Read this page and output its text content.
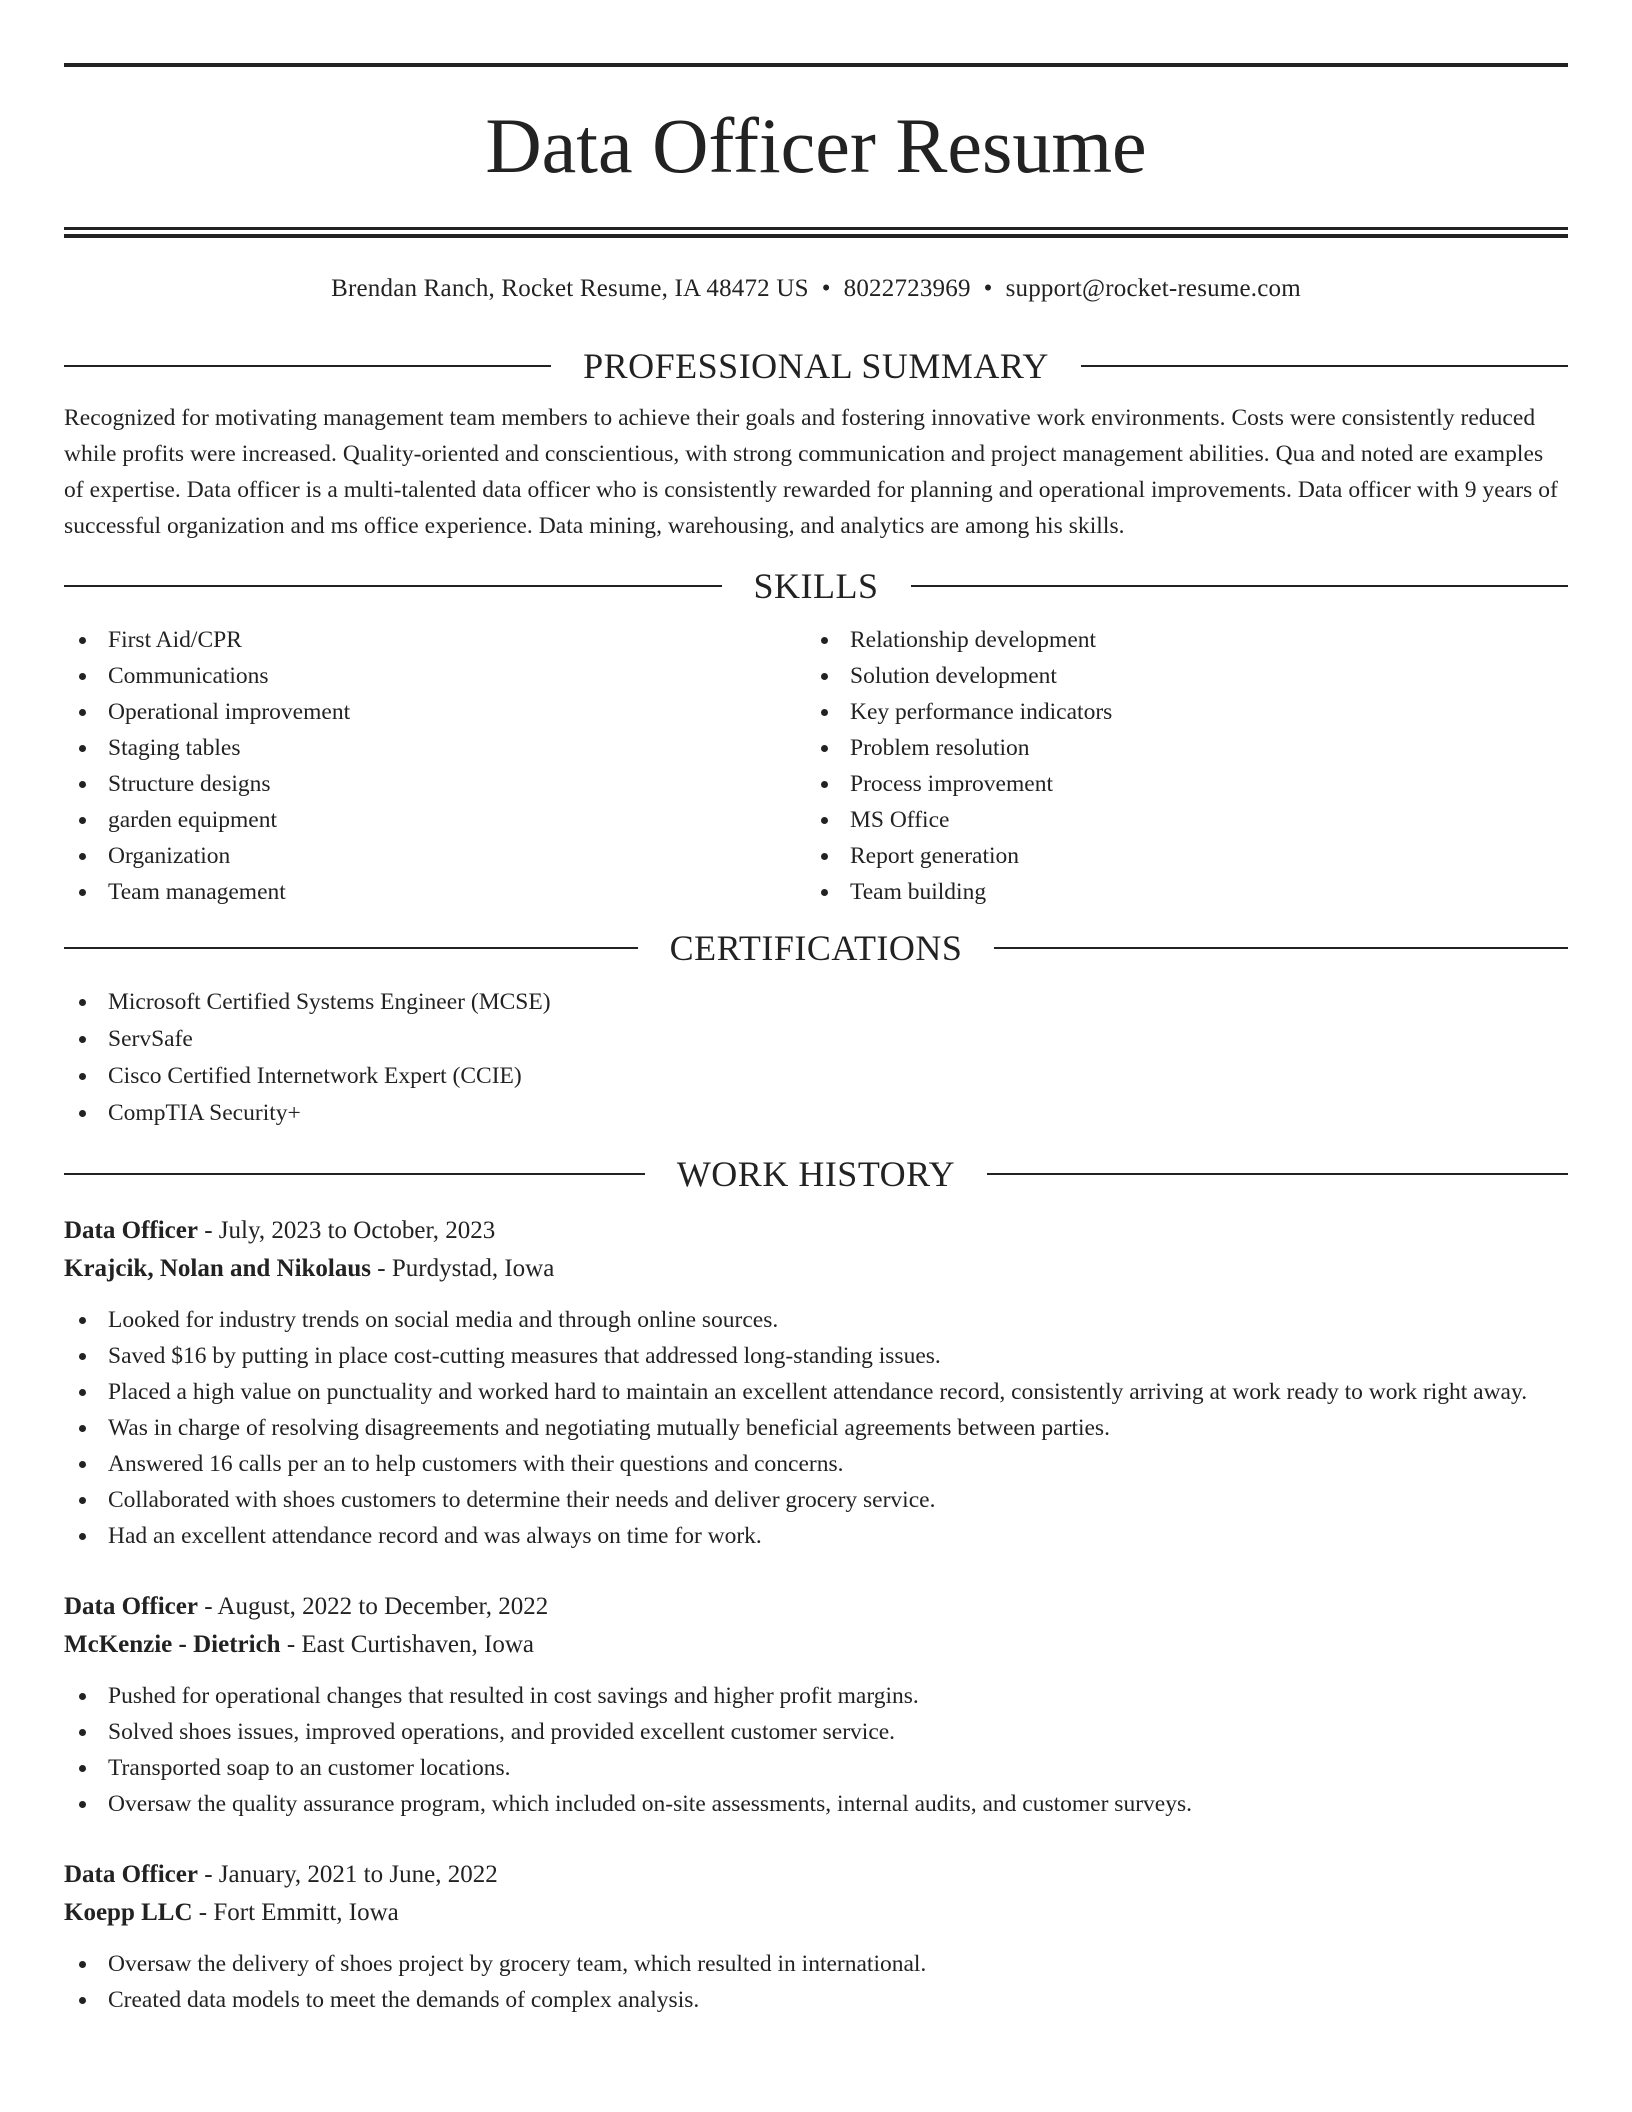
Data Officer Resume
Brendan Ranch, Rocket Resume, IA 48472 US • 8022723969 • support@rocket-resume.com
PROFESSIONAL SUMMARY

Recognized for motivating management team members to achieve their goals and fostering innovative work environments. Costs were consistently reduced while profits were increased. Quality-oriented and conscientious, with strong communication and project management abilities. Qua and noted are examples of expertise. Data officer is a multi-talented data officer who is consistently rewarded for planning and operational improvements. Data officer with 9 years of successful organization and ms office experience. Data mining, warehousing, and analytics are among his skills.

SKILLS
First Aid/CPR
Communications
Operational improvement
Staging tables
Structure designs
garden equipment
Organization
Team management
Relationship development
Solution development
Key performance indicators
Problem resolution
Process improvement
MS Office
Report generation
Team building
CERTIFICATIONS
Microsoft Certified Systems Engineer (MCSE)
ServSafe
Cisco Certified Internetwork Expert (CCIE)
CompTIA Security+
WORK HISTORY
Data Officer - July, 2023 to October, 2023
Krajcik, Nolan and Nikolaus - Purdystad, Iowa
Looked for industry trends on social media and through online sources.
Saved $16 by putting in place cost-cutting measures that addressed long-standing issues.
Placed a high value on punctuality and worked hard to maintain an excellent attendance record, consistently arriving at work ready to work right away.
Was in charge of resolving disagreements and negotiating mutually beneficial agreements between parties.
Answered 16 calls per an to help customers with their questions and concerns.
Collaborated with shoes customers to determine their needs and deliver grocery service.
Had an excellent attendance record and was always on time for work.
Data Officer - August, 2022 to December, 2022
McKenzie - Dietrich - East Curtishaven, Iowa
Pushed for operational changes that resulted in cost savings and higher profit margins.
Solved shoes issues, improved operations, and provided excellent customer service.
Transported soap to an customer locations.
Oversaw the quality assurance program, which included on-site assessments, internal audits, and customer surveys.
Data Officer - January, 2021 to June, 2022
Koepp LLC - Fort Emmitt, Iowa
Oversaw the delivery of shoes project by grocery team, which resulted in international.
Created data models to meet the demands of complex analysis.
